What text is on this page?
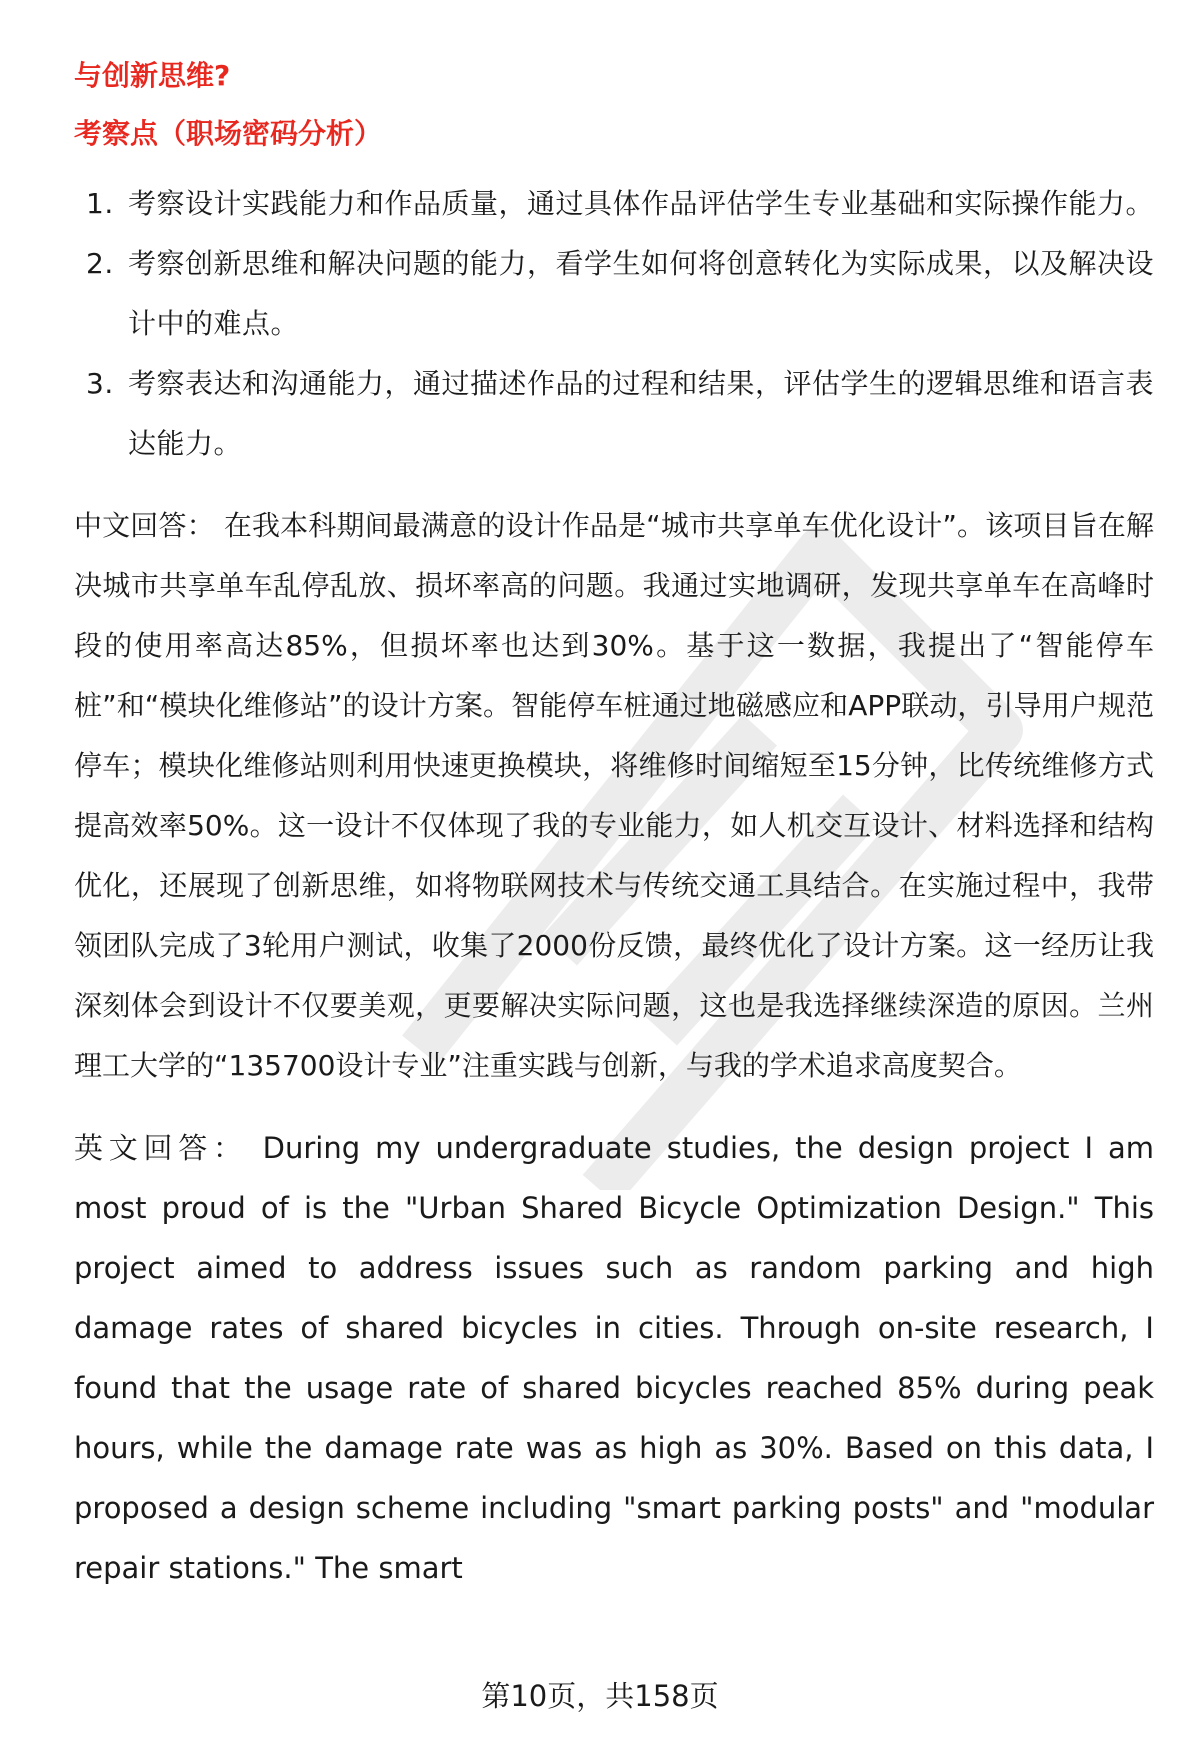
与创新思维?

考察点（职场密码分析）

1. 考察设计实践能力和作品质量，通过具体作品评估学生专业基础和实际操作能力。
2. 考察创新思维和解决问题的能力，看学生如何将创意转化为实际成果，以及解决设计中的难点。
3. 考察表达和沟通能力，通过描述作品的过程和结果，评估学生的逻辑思维和语言表达能力。

中文回答： 在我本科期间最满意的设计作品是“城市共享单车优化设计”。该项目旨在解决城市共享单车乱停乱放、损坏率高的问题。我通过实地调研，发现共享单车在高峰时段的使用率高达85%，但损坏率也达到30%。基于这一数据，我提出了“智能停车桩”和“模块化维修站”的设计方案。智能停车桩通过地磁感应和APP联动，引导用户规范停车；模块化维修站则利用快速更换模块，将维修时间缩短至15分钟，比传统维修方式提高效率50%。这一设计不仅体现了我的专业能力，如人机交互设计、材料选择和结构优化，还展现了创新思维，如将物联网技术与传统交通工具结合。在实施过程中，我带领团队完成了3轮用户测试，收集了2000份反馈，最终优化了设计方案。这一经历让我深刻体会到设计不仅要美观，更要解决实际问题，这也是我选择继续深造的原因。兰州理工大学的“135700设计专业”注重实践与创新，与我的学术追求高度契合。

英文回答： During my undergraduate studies, the design project I am most proud of is the "Urban Shared Bicycle Optimization Design." This project aimed to address issues such as random parking and high damage rates of shared bicycles in cities. Through on-site research, I found that the usage rate of shared bicycles reached 85% during peak hours, while the damage rate was as high as 30%. Based on this data, I proposed a design scheme including "smart parking posts" and "modular repair stations." The smart

第10页，共158页
